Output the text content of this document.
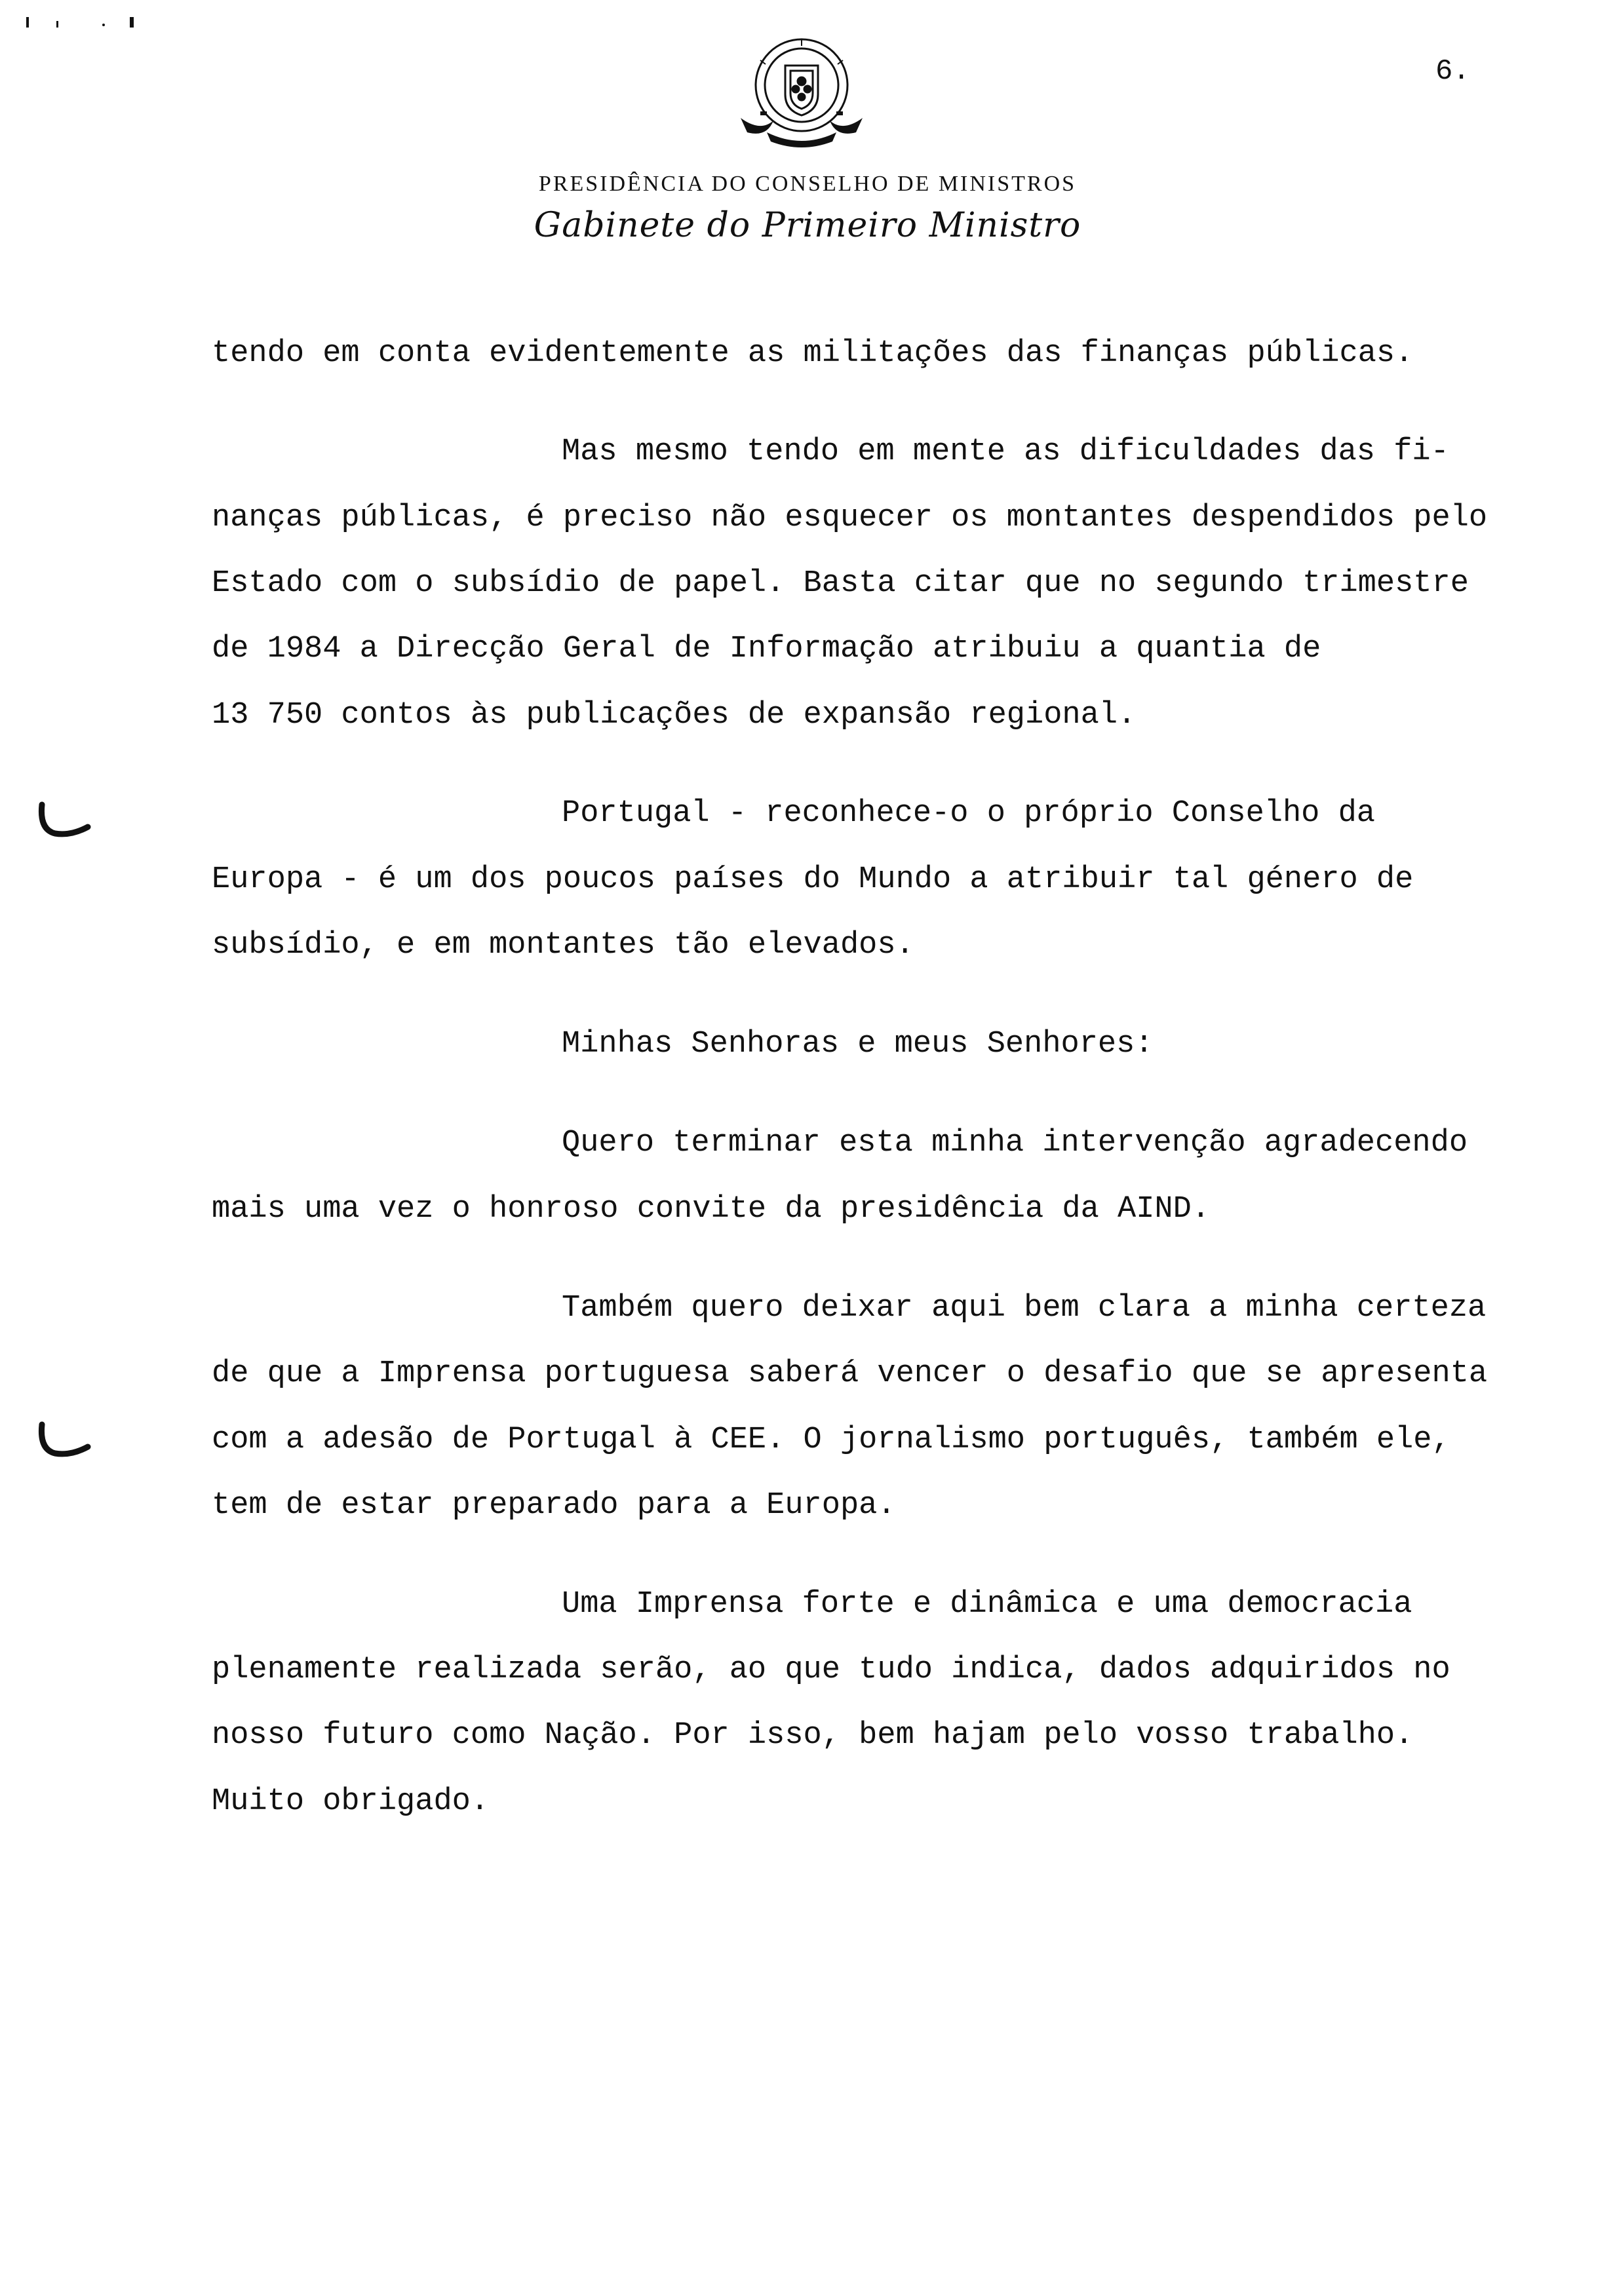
6.
PRESIDÊNCIA DO CONSELHO DE MINISTROS
Gabinete do Primeiro Ministro
tendo em conta evidentemente as militações das finanças públicas.
Mas mesmo tendo em mente as dificuldades das fi-
nanças públicas, é preciso não esquecer os montantes despendidos pelo
Estado com o subsídio de papel. Basta citar que no segundo trimestre
de 1984 a Direcção Geral de Informação atribuiu a quantia de
13 750 contos às publicações de expansão regional.
Portugal - reconhece-o o próprio Conselho da
Europa - é um dos poucos países do Mundo a atribuir tal género de
subsídio, e em montantes tão elevados.
Minhas Senhoras e meus Senhores:
Quero terminar esta minha intervenção agradecendo
mais uma vez o honroso convite da presidência da AIND.
Também quero deixar aqui bem clara a minha certeza
de que a Imprensa portuguesa saberá vencer o desafio que se apresenta
com a adesão de Portugal à CEE. O jornalismo português, também ele,
tem de estar preparado para a Europa.
Uma Imprensa forte e dinâmica e uma democracia
plenamente realizada serão, ao que tudo indica, dados adquiridos no
nosso futuro como Nação. Por isso, bem hajam pelo vosso trabalho.
Muito obrigado.
